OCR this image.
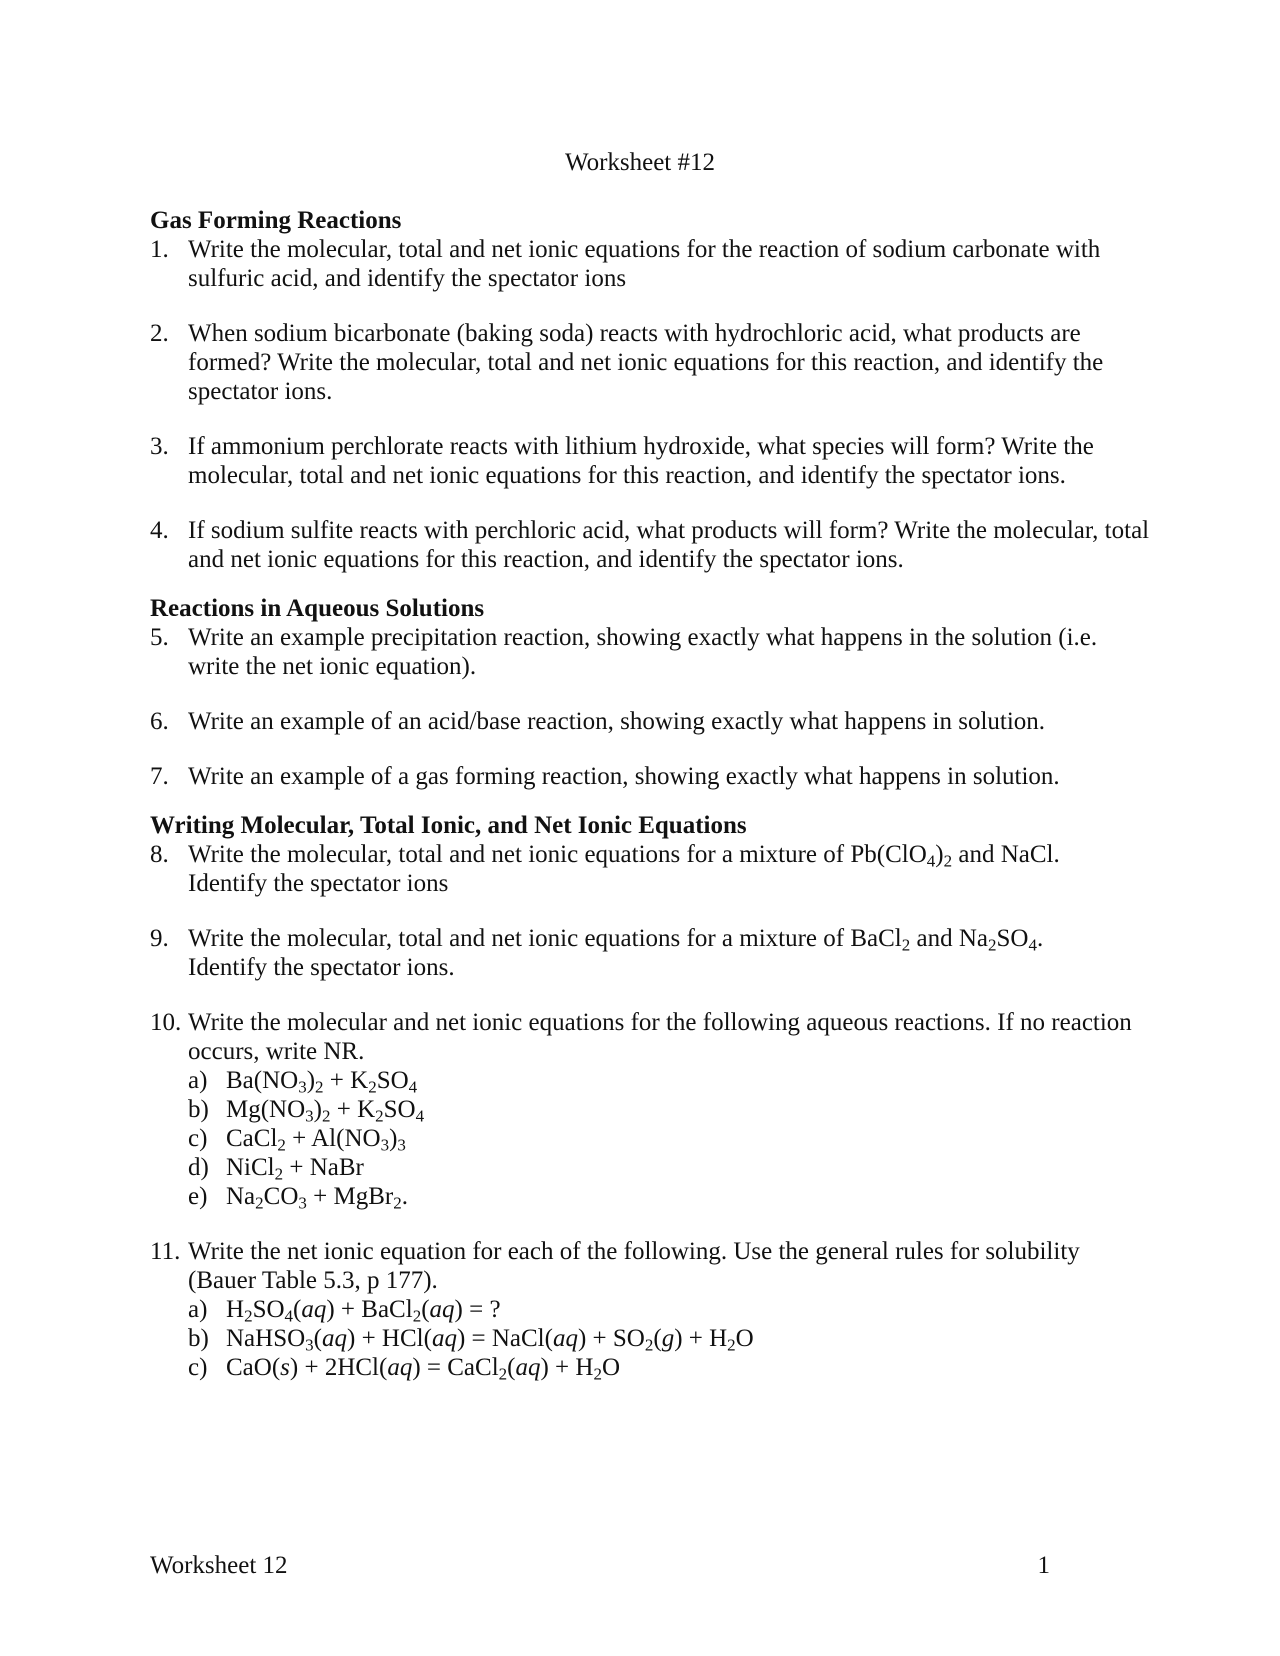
Worksheet #12

Gas Forming Reactions

1. Write the molecular, total and net ionic equations for the reaction of sodium carbonate with sulfuric acid, and identify the spectator ions
2. When sodium bicarbonate (baking soda) reacts with hydrochloric acid, what products are formed? Write the molecular, total and net ionic equations for this reaction, and identify the spectator ions.
3. If ammonium perchlorate reacts with lithium hydroxide, what species will form? Write the molecular, total and net ionic equations for this reaction, and identify the spectator ions.
4. If sodium sulfite reacts with perchloric acid, what products will form? Write the molecular, total and net ionic equations for this reaction, and identify the spectator ions.

Reactions in Aqueous Solutions

5. Write an example precipitation reaction, showing exactly what happens in the solution (i.e. write the net ionic equation).
6. Write an example of an acid/base reaction, showing exactly what happens in solution.
7. Write an example of a gas forming reaction, showing exactly what happens in solution.

Writing Molecular, Total Ionic, and Net Ionic Equations

8. Write the molecular, total and net ionic equations for a mixture of $Pb(ClO_4)_2$ and NaCl.
Identify the spectator ions
9. Write the molecular, total and net ionic equations for a mixture of BaCl$_2$ and $Na_2SO_4$.
Identify the spectator ions.
10. Write the molecular and net ionic equations for the following aqueous reactions. If no reaction occurs, write NR.
a) $Ba(NO_3)_2 + K_2SO_4$
b) $Mg(NO_3)_2 + K_2SO_4$
c) CaCl$_2$ + $Al(NO_3)_3$
d) NiCl$_2$ + NaBr
e) $Na_2CO_3$ + MgBr$_2$.
11. Write the net ionic equation for each of the following. Use the general rules for solubility (Bauer Table 5.3, p 177).
a) $H_2SO_4(aq)$ + BaCl$_2$(aq) = ?
b) NaHSO$_3$(aq) + HCl(aq) = NaCl(aq) + $SO_2(g) + H_2O$
c) CaO(s) + 2HCl(aq) = CaCl$_2$(aq) + $H_2O$
Worksheet 12	1
